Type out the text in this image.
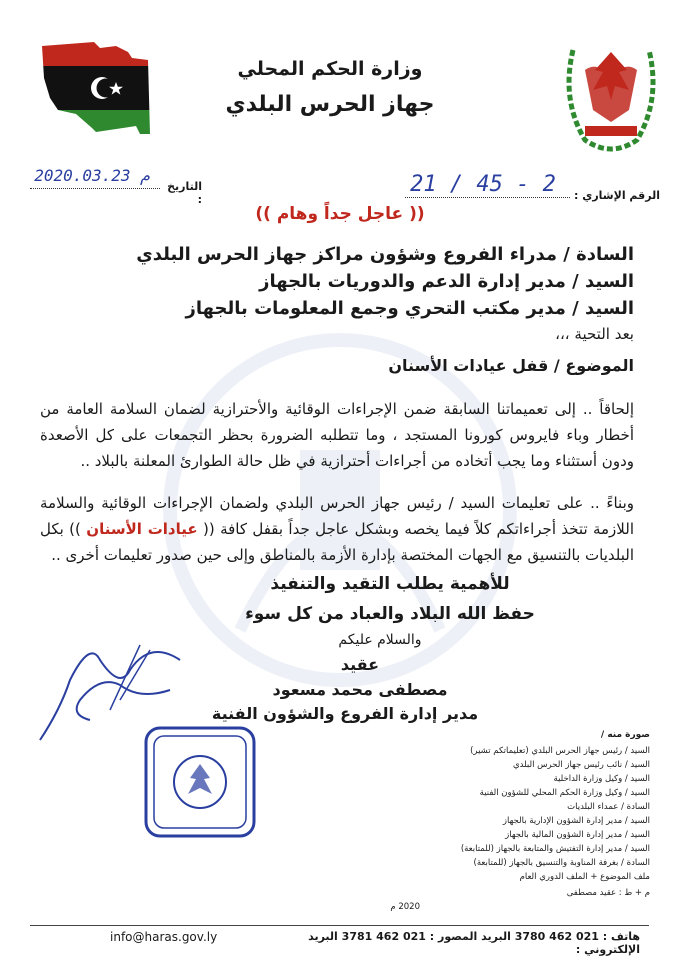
وزارة الحكم المحلي
جهاز الحرس البلدي
الرقم الإشاري :
21 / 45 - 2
التاريخ :
2020.03.23 م
(( عاجل جداً وهام ))
السادة / مدراء الفروع وشؤون مراكز جهاز الحرس البلدي
السيد / مدير إدارة الدعم والدوريات بالجهاز
السيد / مدير مكتب التحري وجمع المعلومات بالجهاز
بعد التحية ،،،
الموضوع / قفل عيادات الأسنان
إلحاقاً .. إلى تعميماتنا السابقة ضمن الإجراءات الوقائية والأحترازية لضمان السلامة العامة من أخطار وباء فايروس كورونا المستجد ، وما تتطلبه الضرورة بحظر التجمعات على كل الأصعدة ودون أستثناء وما يجب أتخاده من أجراءات أحترازية في ظل حالة الطوارئ المعلنة بالبلاد ..
وبناءً .. على تعليمات السيد / رئيس جهاز الحرس البلدي ولضمان الإجراءات الوقائية والسلامة اللازمة تتخذ أجراءاتكم كلاً فيما يخصه وبشكل عاجل جداً بقفل كافة (( عيادات الأسنان )) بكل البلديات بالتنسيق مع الجهات المختصة بإدارة الأزمة بالمناطق وإلى حين صدور تعليمات أخرى ..
للأهمية يطلب التقيد والتنفيذ
حفظ الله البلاد والعباد من كل سوء
والسلام عليكم
عقيد
مصطفى محمد مسعود
مدير إدارة الفروع والشؤون الفنية
صورة منه /
السيد / رئيس جهاز الحرس البلدي (تعليماتكم تشير)
السيد / نائب رئيس جهاز الحرس البلدي
السيد / وكيل وزارة الداخلية
السيد / وكيل وزارة الحكم المحلي للشؤون الفنية
السادة / عمداء البلديات
السيد / مدير إدارة الشؤون الإدارية بالجهاز
السيد / مدير إدارة الشؤون المالية بالجهاز
السيد / مدير إدارة التفتيش والمتابعة بالجهاز (للمتابعة)
السادة / بغرفة المناوبة والتنسيق بالجهاز (للمتابعة)
ملف الموضوع + الملف الدوري العام
م + ط : عقيد مصطفى
2020 م
هاتف : 021 462 3780 البريد المصور : 021 462 3781 البريد الإلكتروني :
info@haras.gov.ly
